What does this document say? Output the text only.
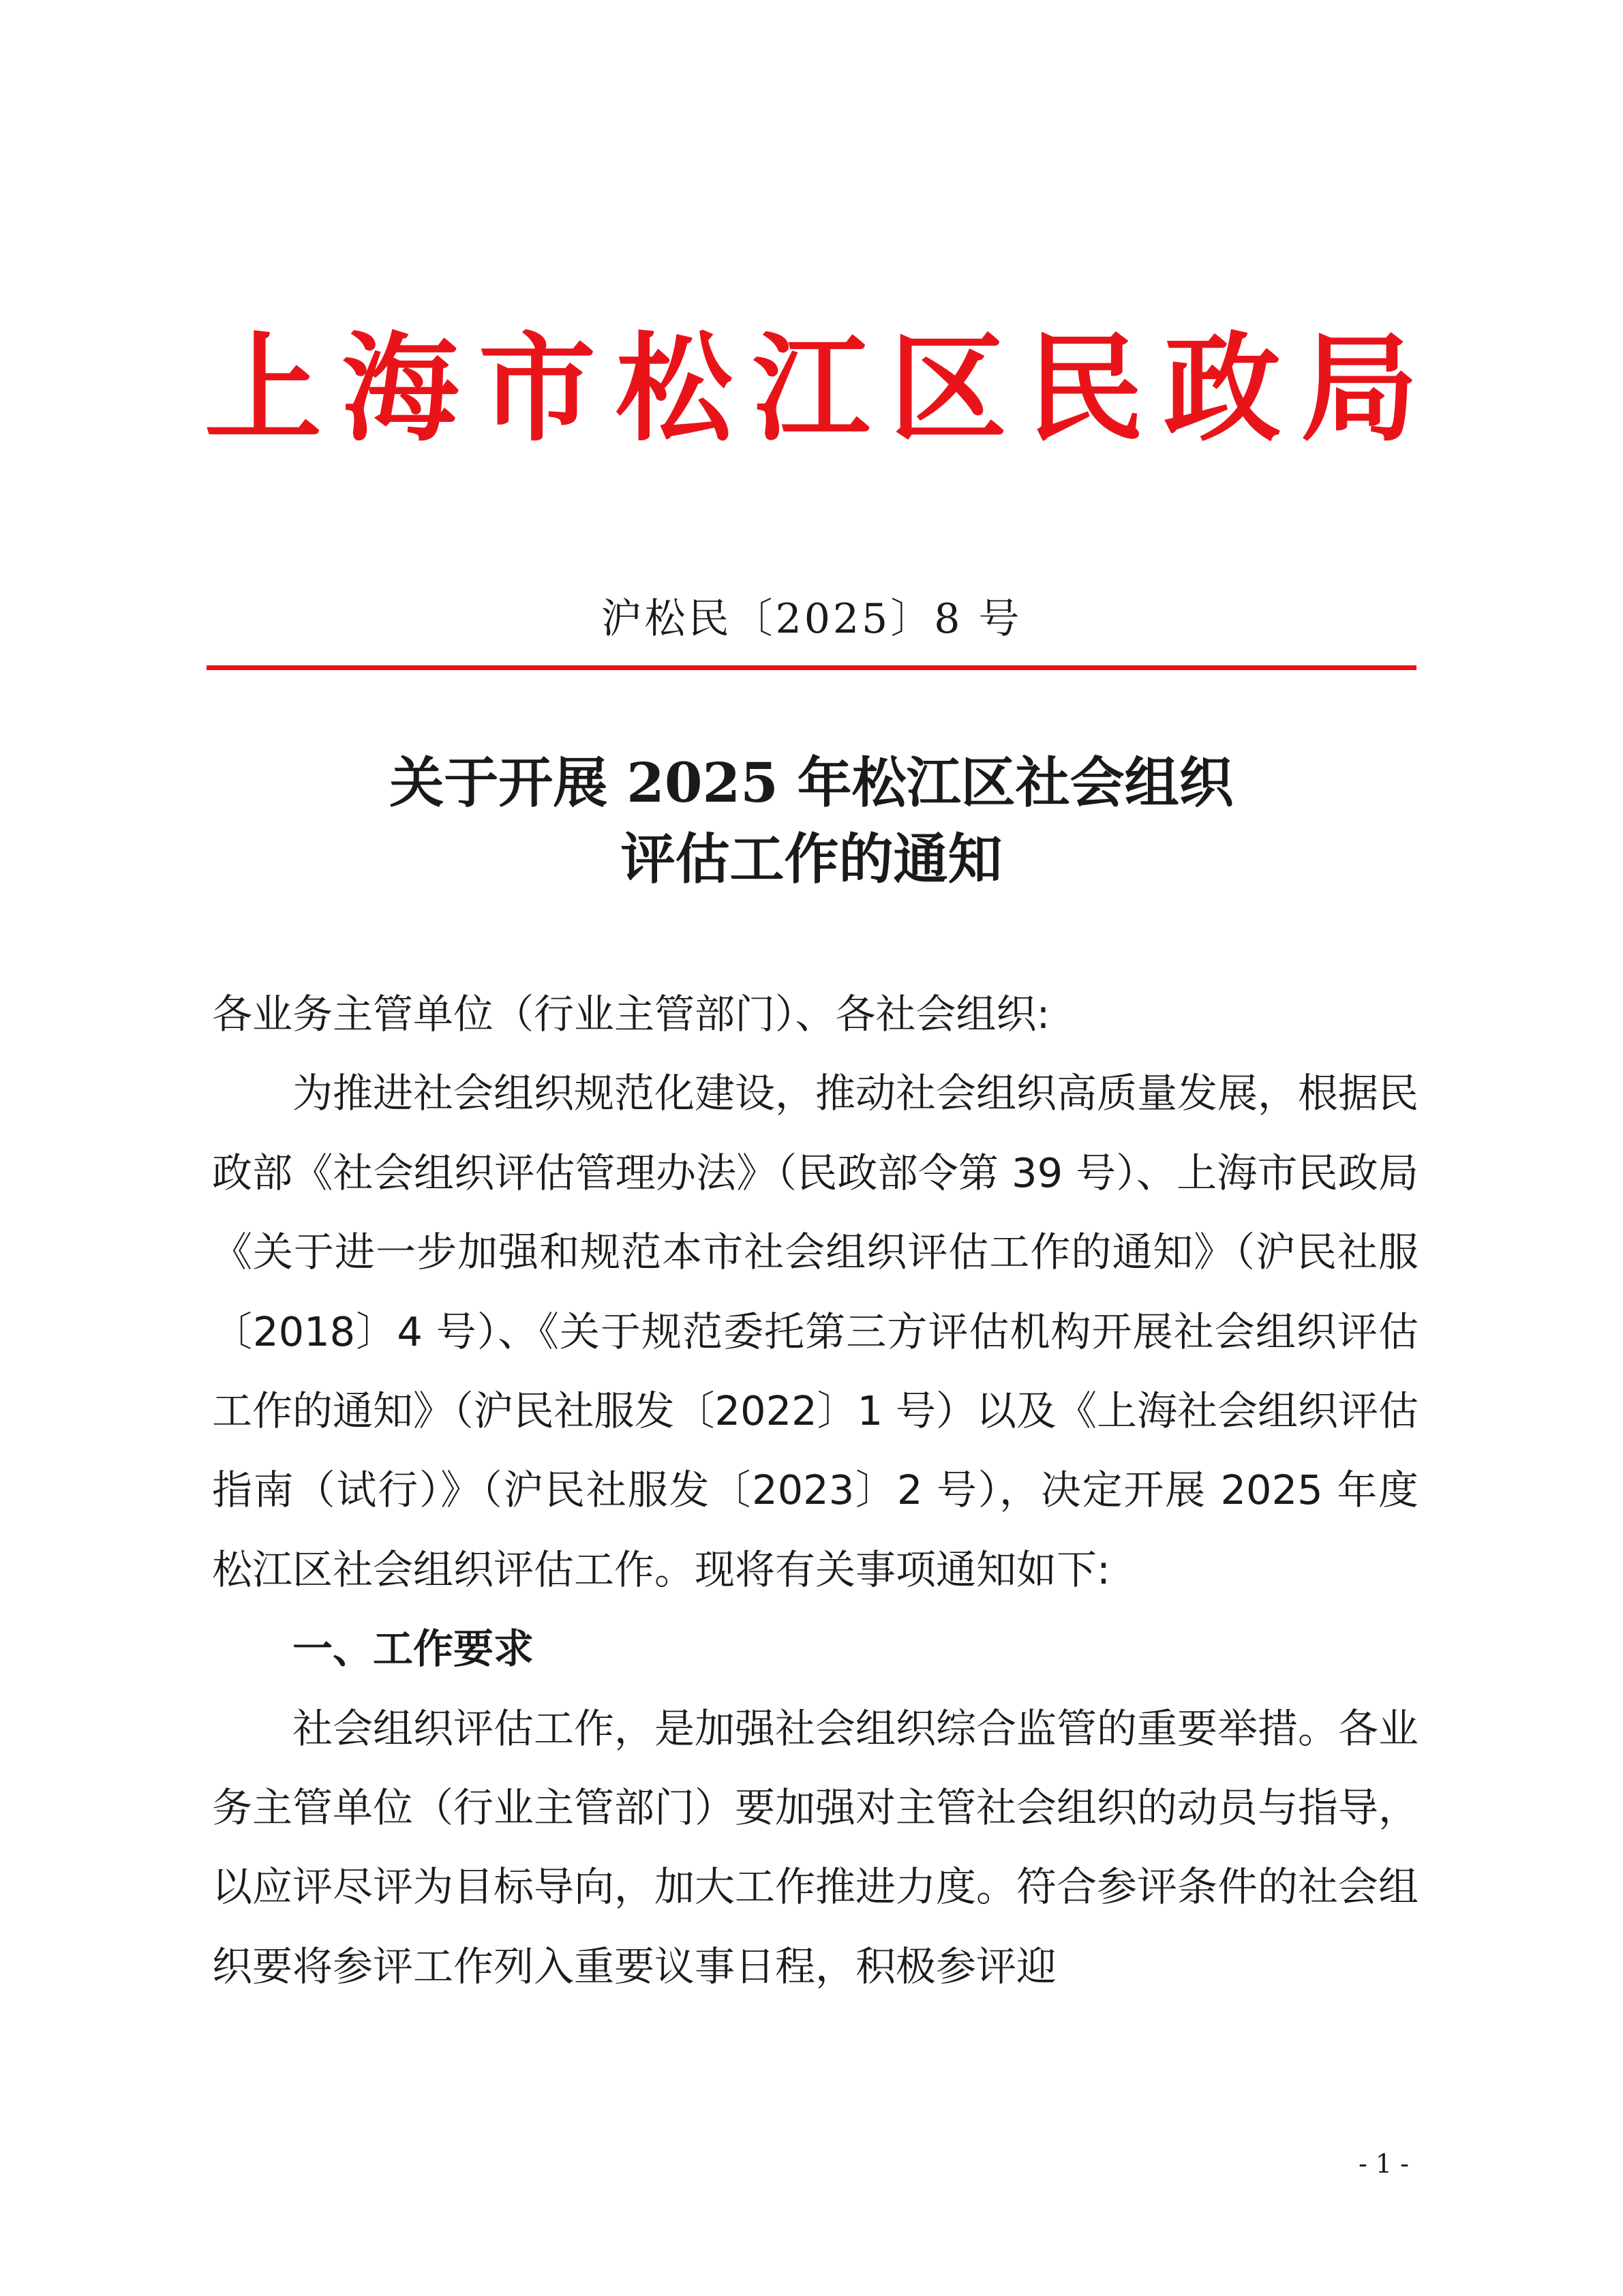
上 海 市 松 江 区 民 政 局
沪松民〔2025〕8 号
关于开展 2025 年松江区社会组织
评估工作的通知

各业务主管单位（行业主管部门）、各社会组织:

为推进社会组织规范化建设，推动社会组织高质量发展，根据民政部《社会组织评估管理办法》（民政部令第 39 号）、上海市民政局《关于进一步加强和规范本市社会组织评估工作的通知》（沪民社服〔2018〕4 号）、《关于规范委托第三方评估机构开展社会组织评估工作的通知》（沪民社服发〔2022〕1 号）以及《上海社会组织评估指南（试行）》（沪民社服发〔2023〕2 号），决定开展 2025 年度松江区社会组织评估工作。现将有关事项通知如下:

一、工作要求

社会组织评估工作，是加强社会组织综合监管的重要举措。各业务主管单位（行业主管部门）要加强对主管社会组织的动员与指导，以应评尽评为目标导向，加大工作推进力度。符合参评条件的社会组织要将参评工作列入重要议事日程，积极参评迎

- 1 -
